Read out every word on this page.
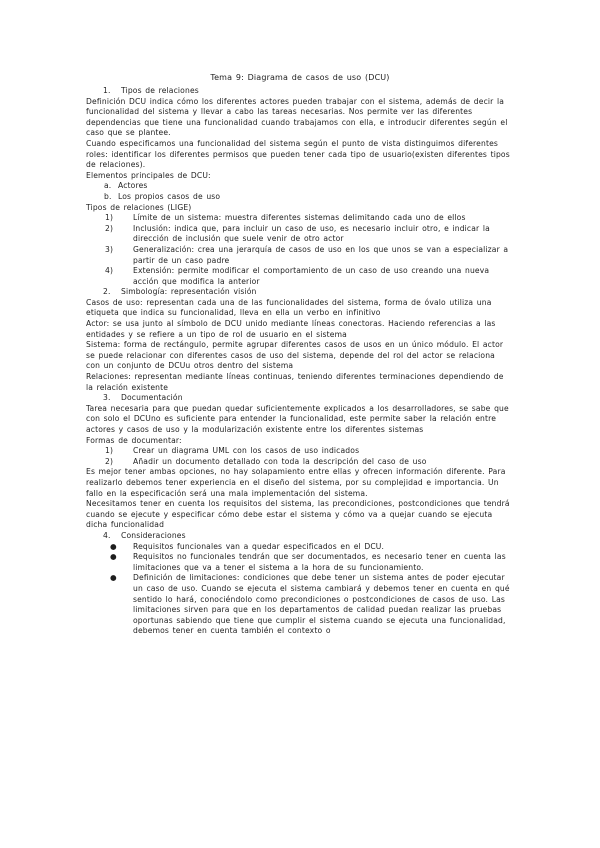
Tema 9: Diagrama de casos de uso (DCU)
1. Tipos de relaciones

Definición DCU indica cómo los diferentes actores pueden trabajar con el sistema, además de decir la funcionalidad del sistema y llevar a cabo las tareas necesarias. Nos permite ver las diferentes dependencias que tiene una funcionalidad cuando trabajamos con ella, e introducir diferentes según el caso que se plantee.

Cuando especificamos una funcionalidad del sistema según el punto de vista distinguimos diferentes roles: identificar los diferentes permisos que pueden tener cada tipo de usuario(existen diferentes tipos de relaciones).

Elementos principales de DCU:

a. Actores
b. Los propios casos de uso

Tipos de relaciones (LIGE)

1)	Límite de un sistema: muestra diferentes sistemas delimitando cada uno de ellos
2)	Inclusión: indica que, para incluir un caso de uso, es necesario incluir otro, e indicar la dirección de inclusión que suele venir de otro actor
3)	Generalización: crea una jerarquía de casos de uso en los que unos se van a especializar a partir de un caso padre
4)	Extensión: permite modificar el comportamiento de un caso de uso creando una nueva acción que modifica la anterior
2. Simbología: representación visión

Casos de uso: representan cada una de las funcionalidades del sistema, forma de óvalo utiliza una etiqueta que indica su funcionalidad, lleva en ella un verbo en infinitivo

Actor: se usa junto al símbolo de DCU unido mediante líneas conectoras. Haciendo referencias a las entidades y se refiere a un tipo de rol de usuario en el sistema

Sistema: forma de rectángulo, permite agrupar diferentes casos de usos en un único módulo. El actor se puede relacionar con diferentes casos de uso del sistema, depende del rol del actor se relaciona con un conjunto de DCUu otros dentro del sistema

Relaciones: representan mediante líneas continuas, teniendo diferentes terminaciones dependiendo de la relación existente

3. Documentación

Tarea necesaria para que puedan quedar suficientemente explicados a los desarrolladores, se sabe que con solo el DCUno es suficiente para entender la funcionalidad, este permite saber la relación entre actores y casos de uso y la modularización existente entre los diferentes sistemas

Formas de documentar:

1)	Crear un diagrama UML con los casos de uso indicados
2)	Añadir un documento detallado con toda la descripción del caso de uso

Es mejor tener ambas opciones, no hay solapamiento entre ellas y ofrecen información diferente. Para realizarlo debemos tener experiencia en el diseño del sistema, por su complejidad e importancia. Un fallo en la especificación será una mala implementación del sistema.

Necesitamos tener en cuenta los requisitos del sistema, las precondiciones, postcondiciones que tendrá cuando se ejecute y especificar cómo debe estar el sistema y cómo va a quejar cuando se ejecuta dicha funcionalidad

4. Consideraciones
● Requisitos funcionales van a quedar especificados en el DCU.
● Requisitos no funcionales tendrán que ser documentados, es necesario tener en cuenta las limitaciones que va a tener el sistema a la hora de su funcionamiento.
● Definición de limitaciones: condiciones que debe tener un sistema antes de poder ejecutar un caso de uso. Cuando se ejecuta el sistema cambiará y debemos tener en cuenta en qué sentido lo hará, conociéndolo como precondiciones o postcondiciones de casos de uso. Las limitaciones sirven para que en los departamentos de calidad puedan realizar las pruebas oportunas sabiendo que tiene que cumplir el sistema cuando se ejecuta una funcionalidad, debemos tener en cuenta también el contexto o
